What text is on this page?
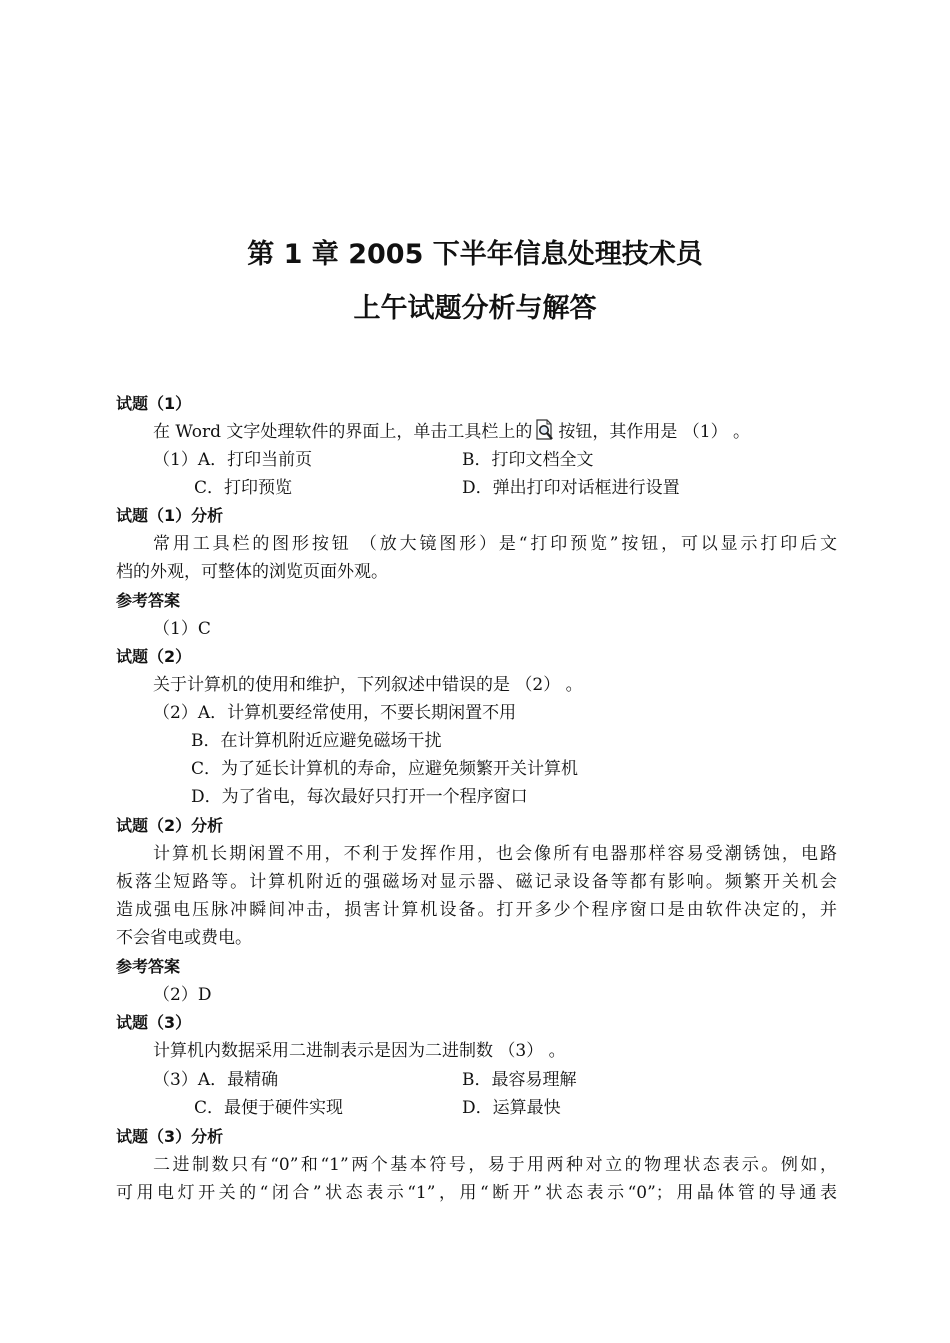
第 1 章 2005 下半年信息处理技术员
上午试题分析与解答
试题（1）
在 Word 文字处理软件的界面上，单击工具栏上的 按钮，其作用是 （1） 。
（1）A．打印当前页	B．打印文档全文
C．打印预览	D．弹出打印对话框进行设置
试题（1）分析
常用工具栏的图形按钮 （放大镜图形）是“打印预览”按钮，可以显示打印后文
档的外观，可整体的浏览页面外观。
参考答案
（1）C
试题（2）
关于计算机的使用和维护，下列叙述中错误的是 （2） 。
（2）A．计算机要经常使用，不要长期闲置不用
B．在计算机附近应避免磁场干扰
C．为了延长计算机的寿命，应避免频繁开关计算机
D．为了省电，每次最好只打开一个程序窗口
试题（2）分析
计算机长期闲置不用，不利于发挥作用，也会像所有电器那样容易受潮锈蚀，电路
板落尘短路等。计算机附近的强磁场对显示器、磁记录设备等都有影响。频繁开关机会
造成强电压脉冲瞬间冲击，损害计算机设备。打开多少个程序窗口是由软件决定的，并
不会省电或费电。
参考答案
（2）D
试题（3）
计算机内数据采用二进制表示是因为二进制数 （3） 。
（3）A．最精确	B．最容易理解
C．最便于硬件实现	D．运算最快
试题（3）分析
二进制数只有“0”和“1”两个基本符号，易于用两种对立的物理状态表示。例如，
可用电灯开关的“闭合”状态表示“1”，用“断开”状态表示“0”；用晶体管的导通表
